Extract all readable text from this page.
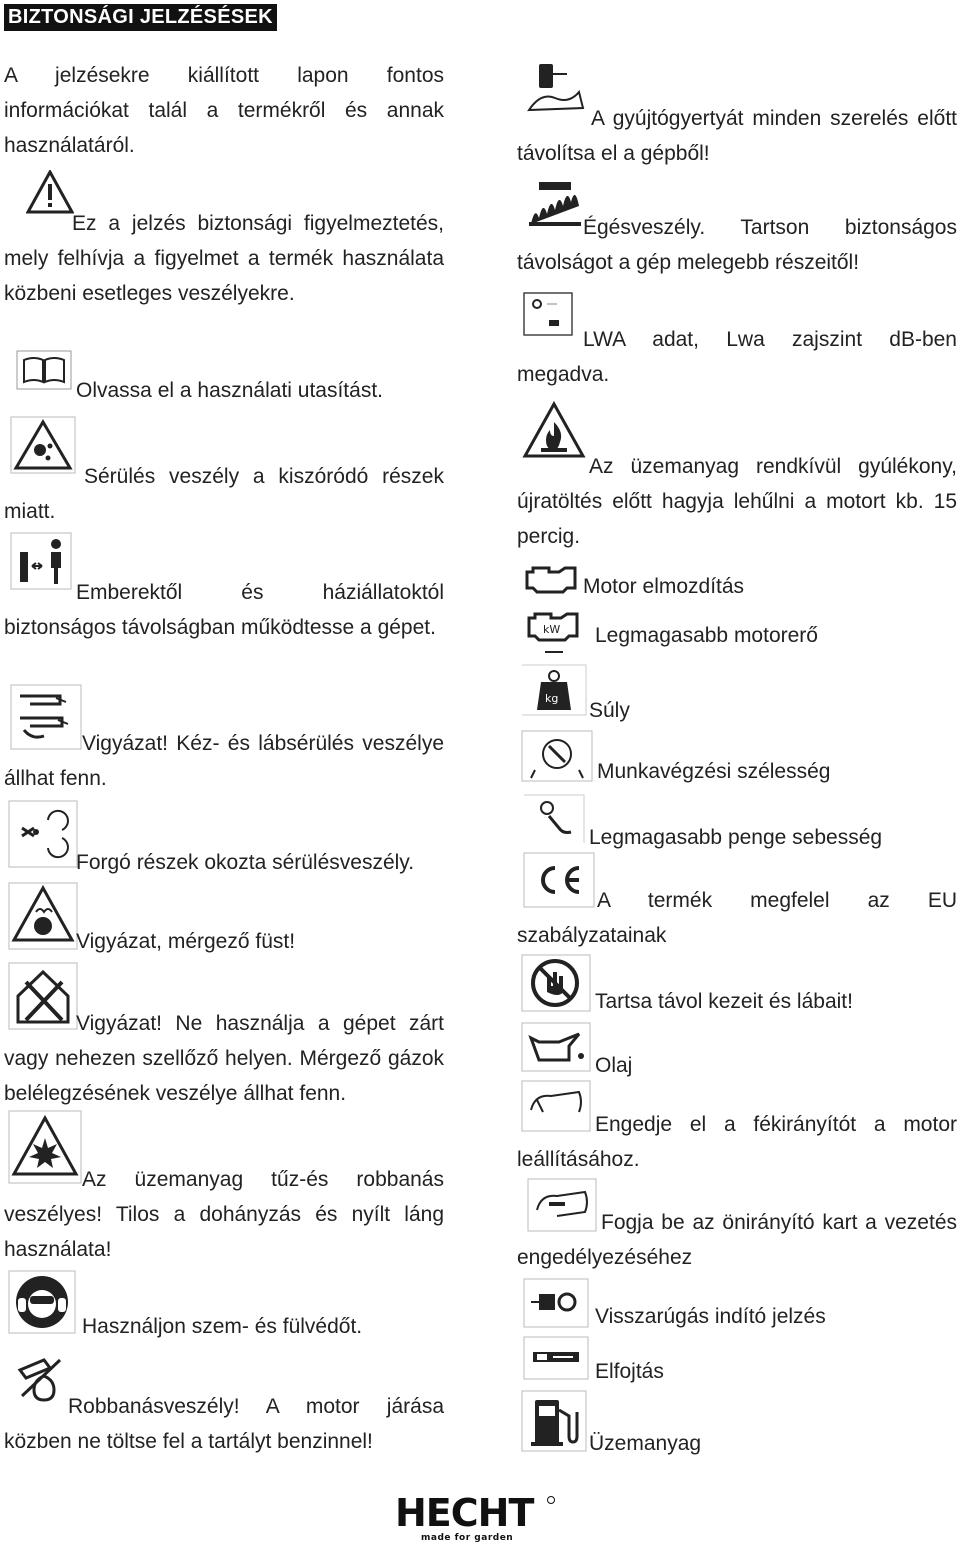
BIZTONSÁGI JELZÉSÉSEK

A jelzésekre kiállított lapon fontos információkat talál a termékről és annak használatáról.

Ez a jelzés biztonsági figyelmeztetés, mely felhívja a figyelmet a termék használata közbeni esetleges veszélyekre.

Olvassa el a használati utasítást.

Sérülés veszély a kiszóródó részek miatt.

Emberektől és háziállatoktól biztonságos távolságban működtesse a gépet.

Vigyázat! Kéz- és lábsérülés veszélye állhat fenn.

Forgó részek okozta sérülésveszély.
Vigyázat, mérgező füst!

Vigyázat! Ne használja a gépet zárt vagy nehezen szellőző helyen. Mérgező gázok belélegzésének veszélye állhat fenn.

Az üzemanyag tűz-és robbanás veszélyes! Tilos a dohányzás és nyílt láng használata!

Használjon szem- és fülvédőt.

Robbanásveszély! A motor járása közben ne töltse fel a tartályt benzinnel!

A gyújtógyertyát minden szerelés előtt távolítsa el a gépből!

Égésveszély. Tartson biztonságos távolságot a gép melegebb részeitől!

LWA adat, Lwa zajszint dB-ben megadva.

Az üzemanyag rendkívül gyúlékony, újratöltés előtt hagyja lehűlni a motort kb. 15 percig.

Motor elmozdítás
kW Legmagasabb motorerő
kg
Súly
Munkavégzési szélesség
Legmagasabb penge sebesség

A termék megfelel az EU szabályzatainak

Tartsa távol kezeit és lábait!
Olaj

Engedje el a fékirányítót a motor leállításához.

Fogja be az önirányító kart a vezetés engedélyezéséhez

Visszarúgás indító jelzés
Elfojtás
Üzemanyag
HECHT
made for garden
